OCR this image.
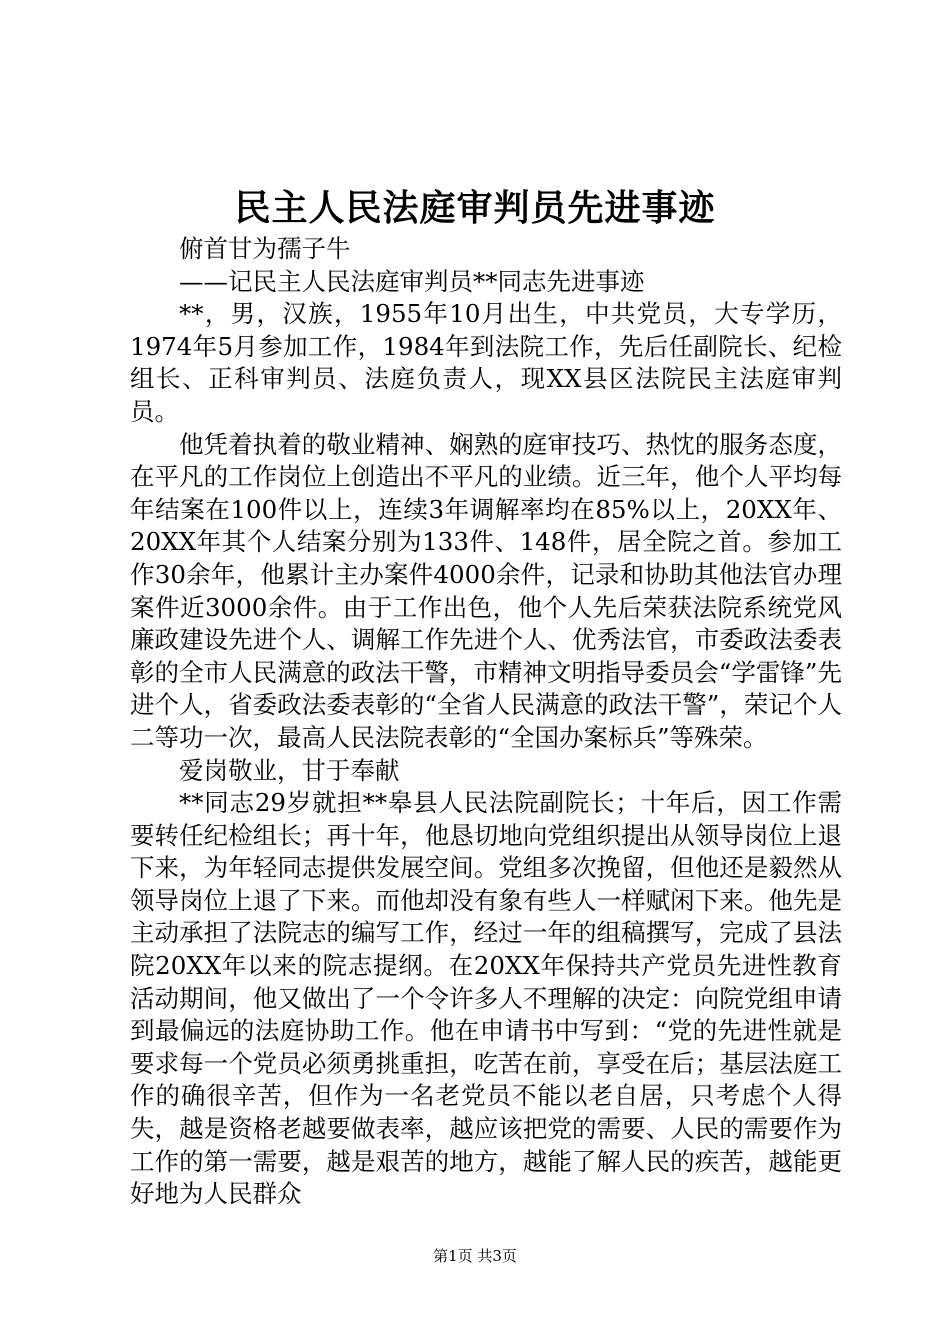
民主人民法庭审判员先进事迹

俯首甘为孺子牛

——记民主人民法庭审判员**同志先进事迹

**，男，汉族，1955年10月出生，中共党员，大专学历，1974年5月参加工作，1984年到法院工作，先后任副院长、纪检组长、正科审判员、法庭负责人，现XX县区法院民主法庭审判员。

他凭着执着的敬业精神、娴熟的庭审技巧、热忱的服务态度，在平凡的工作岗位上创造出不平凡的业绩。近三年，他个人平均每年结案在100件以上，连续3年调解率均在85%以上，20XX年、20XX年其个人结案分别为133件、148件，居全院之首。参加工作30余年，他累计主办案件4000余件，记录和协助其他法官办理案件近3000余件。由于工作出色，他个人先后荣获法院系统党风廉政建设先进个人、调解工作先进个人、优秀法官，市委政法委表彰的全市人民满意的政法干警，市精神文明指导委员会“学雷锋”先进个人，省委政法委表彰的“全省人民满意的政法干警”，荣记个人二等功一次，最高人民法院表彰的“全国办案标兵”等殊荣。

爱岗敬业，甘于奉献

**同志29岁就担**皋县人民法院副院长；十年后，因工作需要转任纪检组长；再十年，他恳切地向党组织提出从领导岗位上退下来，为年轻同志提供发展空间。党组多次挽留，但他还是毅然从领导岗位上退了下来。而他却没有象有些人一样赋闲下来。他先是主动承担了法院志的编写工作，经过一年的组稿撰写，完成了县法院20XX年以来的院志提纲。在20XX年保持共产党员先进性教育活动期间，他又做出了一个令许多人不理解的决定：向院党组申请到最偏远的法庭协助工作。他在申请书中写到：“党的先进性就是要求每一个党员必须勇挑重担，吃苦在前，享受在后；基层法庭工作的确很辛苦，但作为一名老党员不能以老自居，只考虑个人得失，越是资格老越要做表率，越应该把党的需要、人民的需要作为工作的第一需要，越是艰苦的地方，越能了解人民的疾苦，越能更好地为人民群众

第1页 共3页
